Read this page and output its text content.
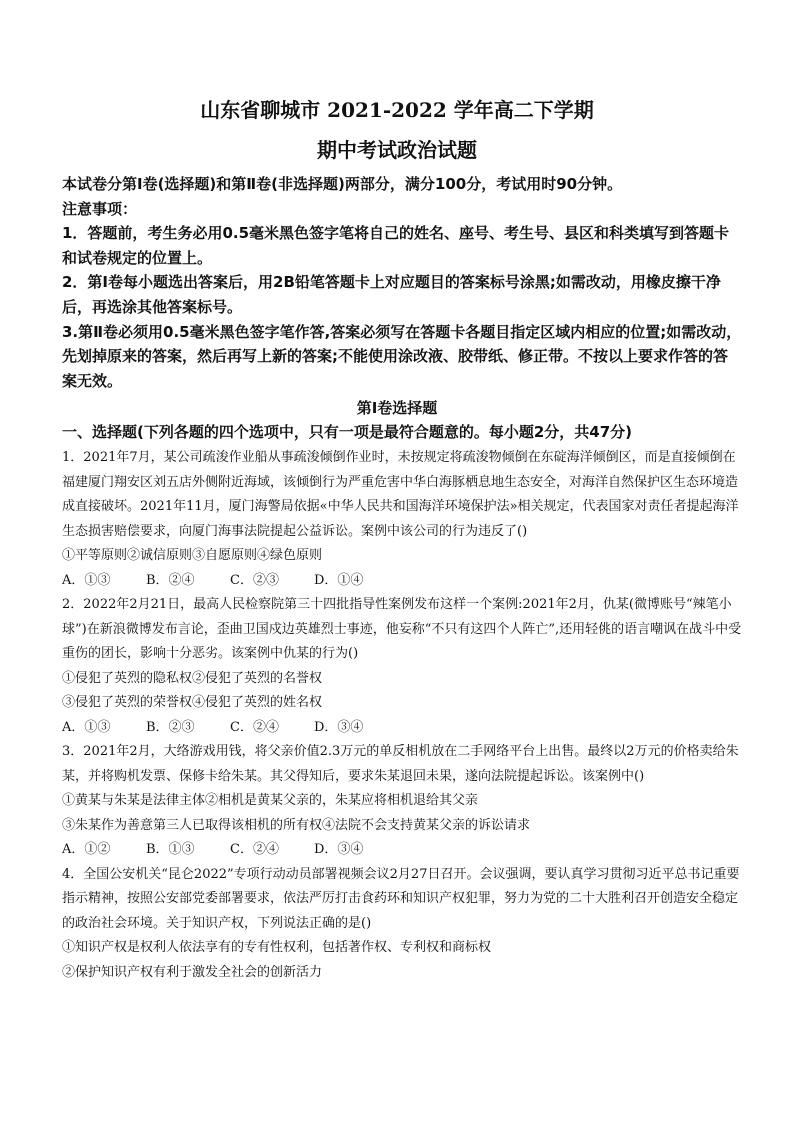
山东省聊城市 2021-2022 学年高二下学期
期中考试政治试题

本试卷分第Ⅰ卷(选择题)和第Ⅱ卷(非选择题)两部分，满分100分，考试用时90分钟。

注意事项：

1．答题前，考生务必用0.5毫米黑色签字笔将自己的姓名、座号、考生号、县区和科类填写到答题卡和试卷规定的位置上。

2．第Ⅰ卷每小题选出答案后，用2B铅笔答题卡上对应题目的答案标号涂黑;如需改动，用橡皮擦干净后，再选涂其他答案标号。

3.第Ⅱ卷必须用0.5毫米黑色签字笔作答,答案必须写在答题卡各题目指定区域内相应的位置;如需改动，先划掉原来的答案，然后再写上新的答案;不能使用涂改液、胶带纸、修正带。不按以上要求作答的答案无效。

第Ⅰ卷选择题
一、选择题(下列各题的四个选项中，只有一项是最符合题意的。每小题2分，共47分)

1．2021年7月，某公司疏浚作业船从事疏浚倾倒作业时，未按规定将疏浚物倾倒在东碇海洋倾倒区，而是直接倾倒在福建厦门翔安区刘五店外侧附近海域，该倾倒行为严重危害中华白海豚栖息地生态安全，对海洋自然保护区生态环境造成直接破坏。2021年11月，厦门海警局依据«中华人民共和国海洋环境保护法»相关规定，代表国家对责任者提起海洋生态损害赔偿要求，向厦门海事法院提起公益诉讼。案例中该公司的行为违反了()

①平等原则②诚信原则③自愿原则④绿色原则

A．①③	B．②④	C．②③	D．①④

2．2022年2月21日，最高人民检察院第三十四批指导性案例发布这样一个案例:2021年2月，仇某(微博账号“辣笔小球”)在新浪微博发布言论，歪曲卫国戍边英雄烈士事迹，他妄称“不只有这四个人阵亡”,还用轻佻的语言嘲讽在战斗中受重伤的团长，影响十分恶劣。该案例中仇某的行为()

①侵犯了英烈的隐私权②侵犯了英烈的名誉权

③侵犯了英烈的荣誉权④侵犯了英烈的姓名权

A．①③	B．②③	C．②④	D．③④

3．2021年2月，大络游戏用钱，将父亲价值2.3万元的单反相机放在二手网络平台上出售。最终以2万元的价格卖给朱某，并将购机发票、保修卡给朱某。其父得知后，要求朱某退回未果，遂向法院提起诉讼。该案例中()

①黄某与朱某是法律主体②相机是黄某父亲的，朱某应将相机退给其父亲

③朱某作为善意第三人已取得该相机的所有权④法院不会支持黄某父亲的诉讼请求

A．①②	B．①③	C．②④	D．③④

4．全国公安机关“昆仑2022”专项行动动员部署视频会议2月27日召开。会议强调，要认真学习贯彻习近平总书记重要指示精神，按照公安部党委部署要求，依法严厉打击食药环和知识产权犯罪，努力为党的二十大胜利召开创造安全稳定的政治社会环境。关于知识产权，下列说法正确的是()

①知识产权是权利人依法享有的专有性权利，包括著作权、专利权和商标权

②保护知识产权有利于激发全社会的创新活力
